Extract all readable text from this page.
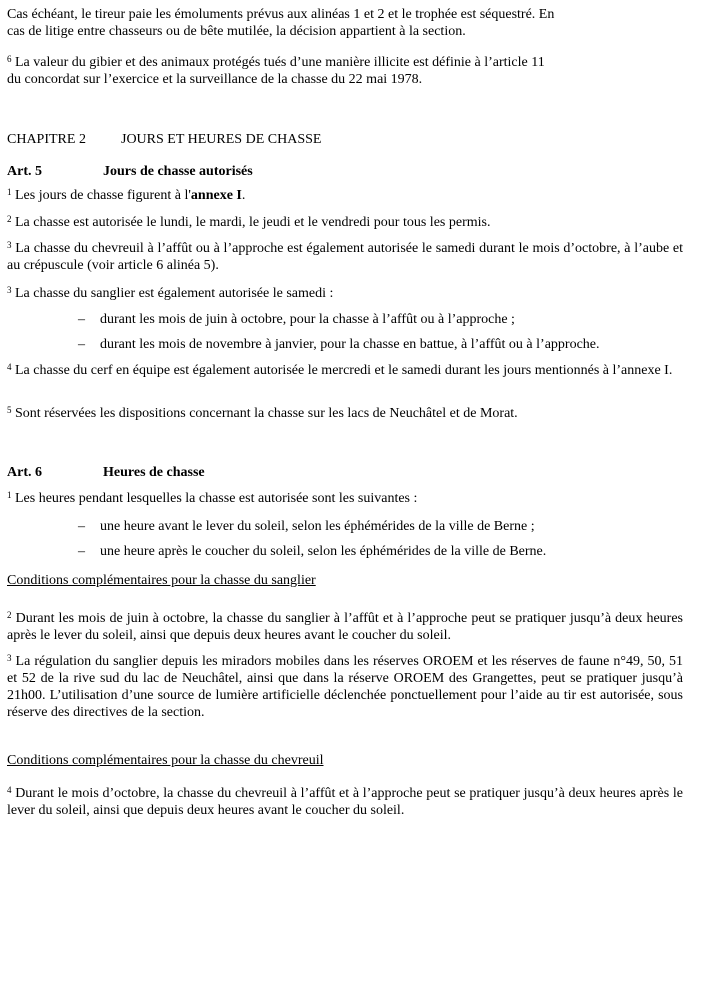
Cas échéant, le tireur paie les émoluments prévus aux alinéas 1 et 2 et le trophée est séquestré. En
cas de litige entre chasseurs ou de bête mutilée, la décision appartient à la section.

$^6$ La valeur du gibier et des animaux protégés tués d’une manière illicite est définie à l’article 11
du concordat sur l’exercice et la surveillance de la chasse du 22 mai 1978.

CHAPITRE 2	JOURS ET HEURES DE CHASSE

Art. 5	Jours de chasse autorisés

$^1$ Les jours de chasse figurent à l'annexe I.

$^2$ La chasse est autorisée le lundi, le mardi, le jeudi et le vendredi pour tous les permis.

$^3$ La chasse du chevreuil à l’affût ou à l’approche est également autorisée le samedi durant le mois d’octobre, à l’aube et au crépuscule (voir article 6 alinéa 5).

$^3$ La chasse du sanglier est également autorisée le samedi :

– durant les mois de juin à octobre, pour la chasse à l’affût ou à l’approche ;

– durant les mois de novembre à janvier, pour la chasse en battue, à l’affût ou à l’approche.

$^4$ La chasse du cerf en équipe est également autorisée le mercredi et le samedi durant les jours mentionnés à l’annexe I.

$^5$ Sont réservées les dispositions concernant la chasse sur les lacs de Neuchâtel et de Morat.

Art. 6	Heures de chasse

$^1$ Les heures pendant lesquelles la chasse est autorisée sont les suivantes :

– une heure avant le lever du soleil, selon les éphémérides de la ville de Berne ;

– une heure après le coucher du soleil, selon les éphémérides de la ville de Berne.

Conditions complémentaires pour la chasse du sanglier

$^2$ Durant les mois de juin à octobre, la chasse du sanglier à l’affût et à l’approche peut se pratiquer jusqu’à deux heures après le lever du soleil, ainsi que depuis deux heures avant le coucher du soleil.

$^3$ La régulation du sanglier depuis les miradors mobiles dans les réserves OROEM et les réserves de faune n°49, 50, 51 et 52 de la rive sud du lac de Neuchâtel, ainsi que dans la réserve OROEM des Grangettes, peut se pratiquer jusqu’à 21h00. L’utilisation d’une source de lumière artificielle déclenchée ponctuellement pour l’aide au tir est autorisée, sous réserve des directives de la section.

Conditions complémentaires pour la chasse du chevreuil

$^4$ Durant le mois d’octobre, la chasse du chevreuil à l’affût et à l’approche peut se pratiquer jusqu’à deux heures après le lever du soleil, ainsi que depuis deux heures avant le coucher du soleil.
